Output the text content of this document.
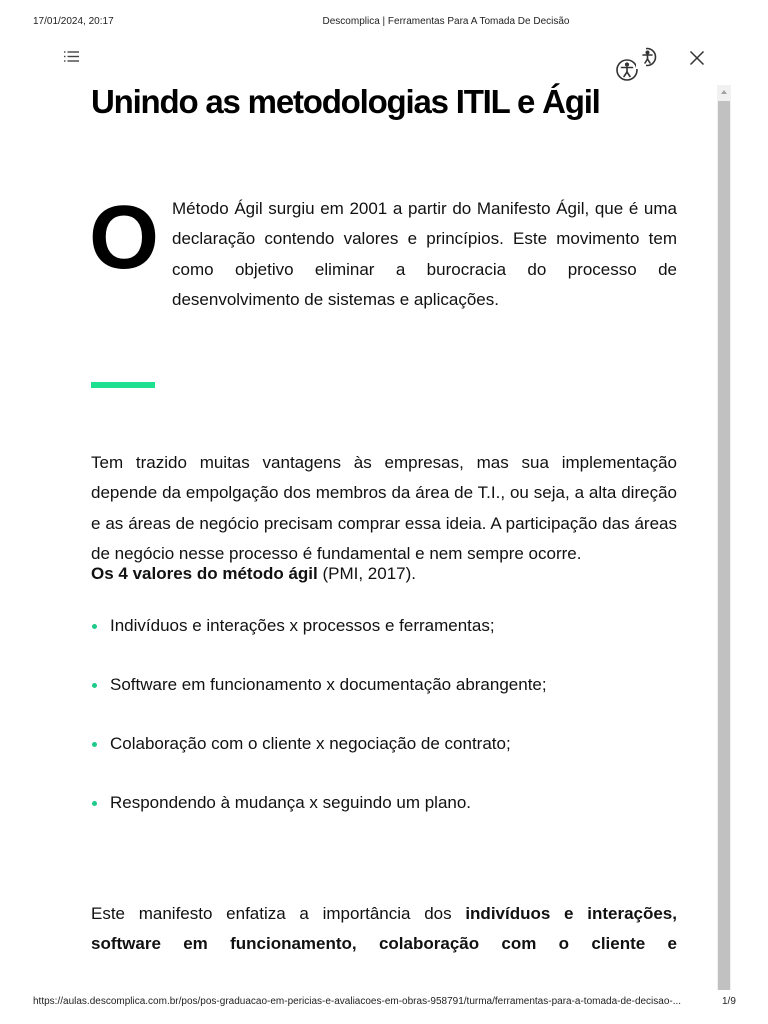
17/01/2024, 20:17	Descomplica | Ferramentas Para A Tomada De Decisão
Unindo as metodologias ITIL e Ágil
O Método Ágil surgiu em 2001 a partir do Manifesto Ágil, que é uma declaração contendo valores e princípios. Este movimento tem como objetivo eliminar a burocracia do processo de desenvolvimento de sistemas e aplicações.

Tem trazido muitas vantagens às empresas, mas sua implementação depende da empolgação dos membros da área de T.I., ou seja, a alta direção e as áreas de negócio precisam comprar essa ideia. A participação das áreas de negócio nesse processo é fundamental e nem sempre ocorre.

Os 4 valores do método ágil (PMI, 2017).

Indivíduos e interações x processos e ferramentas;
Software em funcionamento x documentação abrangente;
Colaboração com o cliente x negociação de contrato;
Respondendo à mudança x seguindo um plano.

Este manifesto enfatiza a importância dos indivíduos e interações, software em funcionamento, colaboração com o cliente e

https://aulas.descomplica.com.br/pos/pos-graduacao-em-pericias-e-avaliacoes-em-obras-958791/turma/ferramentas-para-a-tomada-de-decisao-...	1/9
